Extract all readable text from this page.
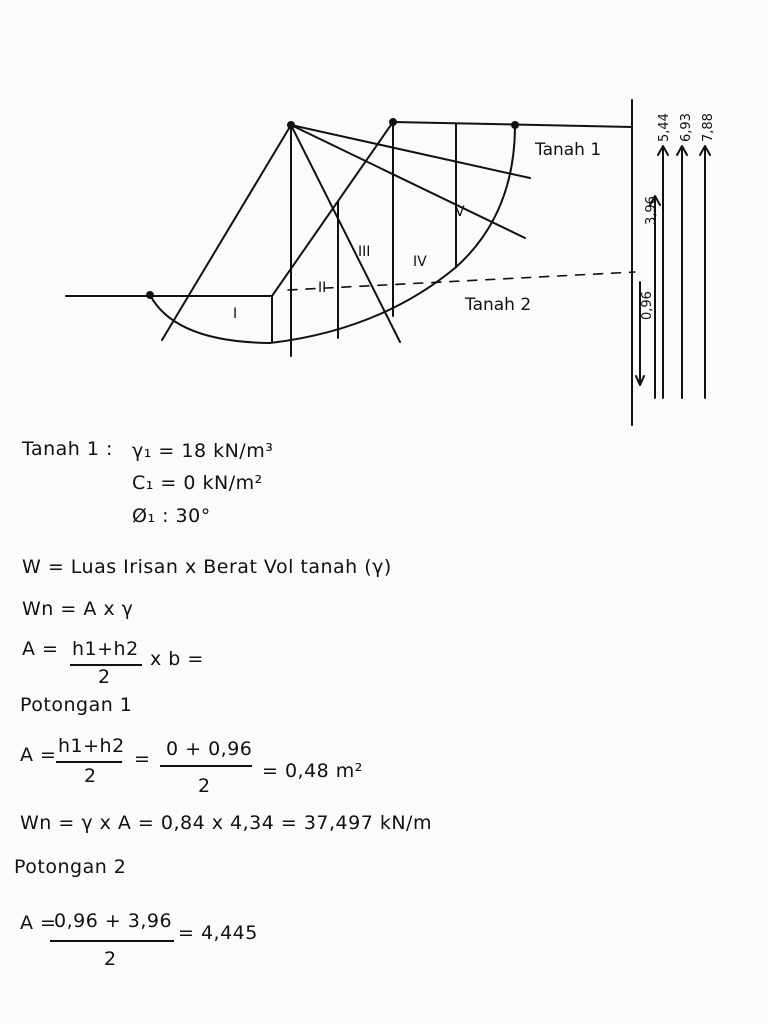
I
II
III
IV
V
Tanah 1
Tanah 2	0,96
3,96
5,44 6,93 7,88
Tanah 1 : γ₁ = 18 kN/m³
C₁ = 0 kN/m²
Ø₁ : 30°
W = Luas Irisan x Berat Vol tanah (γ)
Wn = A x γ
A = h1+h2
2
x b =
Potongan 1
A = h1+h2
2
= 0 + 0,96
2
= 0,48 m²
Wn = γ x A = 0,84 x 4,34 = 37,497 kN/m
Potongan 2
A =
0,96 + 3,96
2
= 4,445
